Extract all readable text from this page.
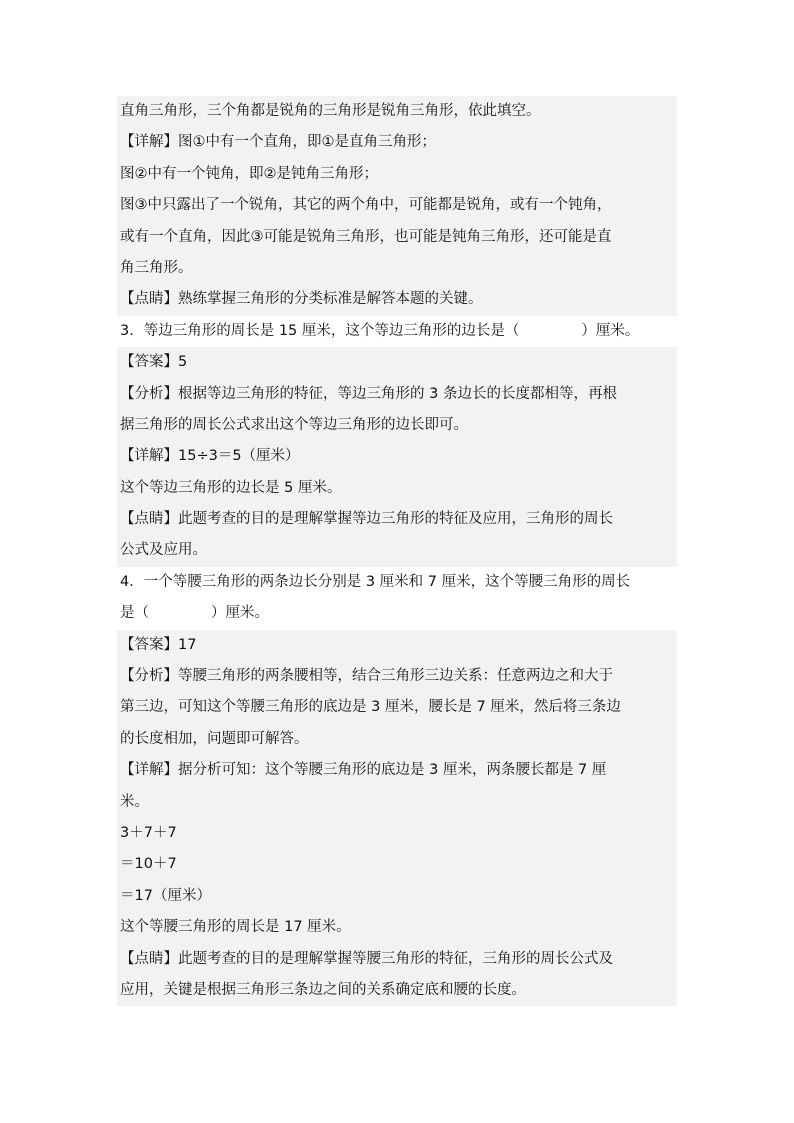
直角三角形，三个角都是锐角的三角形是锐角三角形，依此填空。
【详解】图①中有一个直角，即①是直角三角形；
图②中有一个钝角，即②是钝角三角形；
图③中只露出了一个锐角，其它的两个角中，可能都是锐角，或有一个钝角，
或有一个直角，因此③可能是锐角三角形，也可能是钝角三角形，还可能是直
角三角形。
【点睛】熟练掌握三角形的分类标准是解答本题的关键。
3．等边三角形的周长是 15 厘米，这个等边三角形的边长是（	）厘米。
【答案】5
【分析】根据等边三角形的特征，等边三角形的 3 条边长的长度都相等，再根
据三角形的周长公式求出这个等边三角形的边长即可。
【详解】15÷3＝5（厘米）
这个等边三角形的边长是 5 厘米。
【点睛】此题考查的目的是理解掌握等边三角形的特征及应用，三角形的周长
公式及应用。
4．一个等腰三角形的两条边长分别是 3 厘米和 7 厘米，这个等腰三角形的周长
是（	）厘米。
【答案】17
【分析】等腰三角形的两条腰相等，结合三角形三边关系：任意两边之和大于
第三边，可知这个等腰三角形的底边是 3 厘米，腰长是 7 厘米，然后将三条边
的长度相加，问题即可解答。
【详解】据分析可知：这个等腰三角形的底边是 3 厘米，两条腰长都是 7 厘
米。
3＋7＋7
＝10＋7
＝17（厘米）
这个等腰三角形的周长是 17 厘米。
【点睛】此题考查的目的是理解掌握等腰三角形的特征，三角形的周长公式及
应用，关键是根据三角形三条边之间的关系确定底和腰的长度。
